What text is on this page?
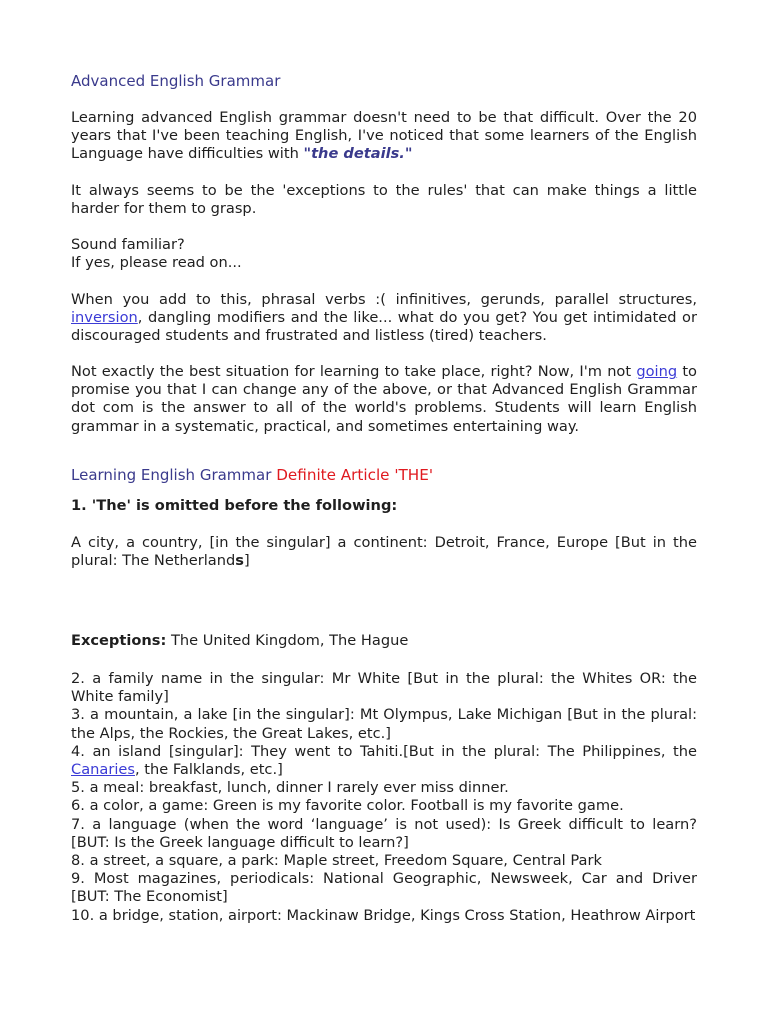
Advanced English Grammar
Learning advanced English grammar doesn't need to be that difficult. Over the 20 years that I've been teaching English, I've noticed that some learners of the English Language have difficulties with "the details."
It always seems to be the 'exceptions to the rules' that can make things a little harder for them to grasp.
Sound familiar?
If yes, please read on...
When you add to this, phrasal verbs :( infinitives, gerunds, parallel structures, inversion, dangling modifiers and the like... what do you get? You get intimidated or discouraged students and frustrated and listless (tired) teachers.
Not exactly the best situation for learning to take place, right? Now, I'm not going to promise you that I can change any of the above, or that Advanced English Grammar dot com is the answer to all of the world's problems. Students will learn English grammar in a systematic, practical, and sometimes entertaining way.
Learning English Grammar Definite Article 'THE'
1. 'The' is omitted before the following:
A city, a country, [in the singular] a continent: Detroit, France, Europe [But in the plural: The Netherlands]
Exceptions: The United Kingdom, The Hague
2. a family name in the singular: Mr White [But in the plural: the Whites OR: the White family]
3. a mountain, a lake [in the singular]: Mt Olympus, Lake Michigan [But in the plural: the Alps, the Rockies, the Great Lakes, etc.]
4. an island [singular]: They went to Tahiti.[But in the plural: The Philippines, the Canaries, the Falklands, etc.]
5. a meal: breakfast, lunch, dinner I rarely ever miss dinner.
6. a color, a game: Green is my favorite color. Football is my favorite game.
7. a language (when the word ‘language’ is not used): Is Greek difficult to learn? [BUT: Is the Greek language difficult to learn?]
8. a street, a square, a park: Maple street, Freedom Square, Central Park
9. Most magazines, periodicals: National Geographic, Newsweek, Car and Driver [BUT: The Economist]
10. a bridge, station, airport: Mackinaw Bridge, Kings Cross Station, Heathrow Airport
